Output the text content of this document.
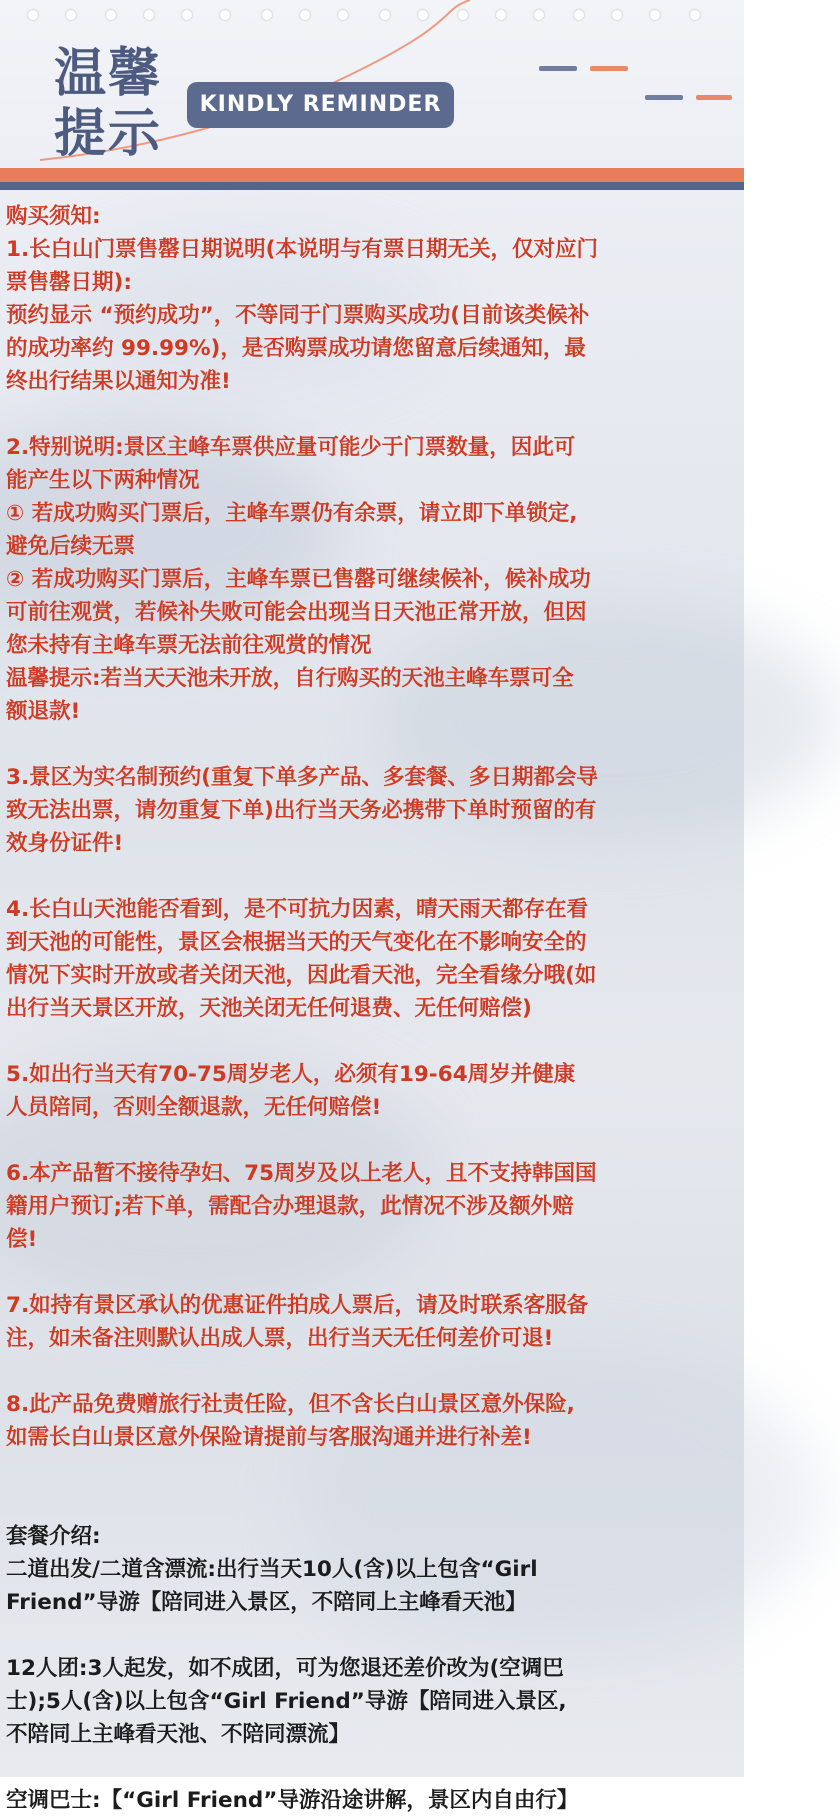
温馨
提示	KINDLY REMINDER

购买须知:

1.长白山门票售罄日期说明(本说明与有票日期无关，仅对应门

票售罄日期):

预约显示 “预约成功”，不等同于门票购买成功(目前该类候补

的成功率约 99.99%)，是否购票成功请您留意后续通知，最

终出行结果以通知为准!

2.特别说明:景区主峰车票供应量可能少于门票数量，因此可

能产生以下两种情况

① 若成功购买门票后，主峰车票仍有余票，请立即下单锁定,

避免后续无票

② 若成功购买门票后，主峰车票已售罄可继续候补，候补成功

可前往观赏，若候补失败可能会出现当日天池正常开放，但因

您未持有主峰车票无法前往观赏的情况

温馨提示:若当天天池未开放，自行购买的天池主峰车票可全

额退款!

3.景区为实名制预约(重复下单多产品、多套餐、多日期都会导

致无法出票，请勿重复下单)出行当天务必携带下单时预留的有

效身份证件!

4.长白山天池能否看到，是不可抗力因素，晴天雨天都存在看

到天池的可能性，景区会根据当天的天气变化在不影响安全的

情况下实时开放或者关闭天池，因此看天池，完全看缘分哦(如

出行当天景区开放，天池关闭无任何退费、无任何赔偿)

5.如出行当天有70-75周岁老人，必须有19-64周岁并健康

人员陪同，否则全额退款，无任何赔偿!

6.本产品暂不接待孕妇、75周岁及以上老人，且不支持韩国国

籍用户预订;若下单，需配合办理退款，此情况不涉及额外赔

偿!

7.如持有景区承认的优惠证件拍成人票后，请及时联系客服备

注，如未备注则默认出成人票，出行当天无任何差价可退!

8.此产品免费赠旅行社责任险，但不含长白山景区意外保险,

如需长白山景区意外保险请提前与客服沟通并进行补差!

套餐介绍:

二道出发/二道含漂流:出行当天10人(含)以上包含“Girl

Friend”导游【陪同进入景区，不陪同上主峰看天池】

12人团:3人起发，如不成团，可为您退还差价改为(空调巴

士);5人(含)以上包含“Girl Friend”导游【陪同进入景区,

不陪同上主峰看天池、不陪同漂流】

空调巴士:【“Girl Friend”导游沿途讲解，景区内自由行】
